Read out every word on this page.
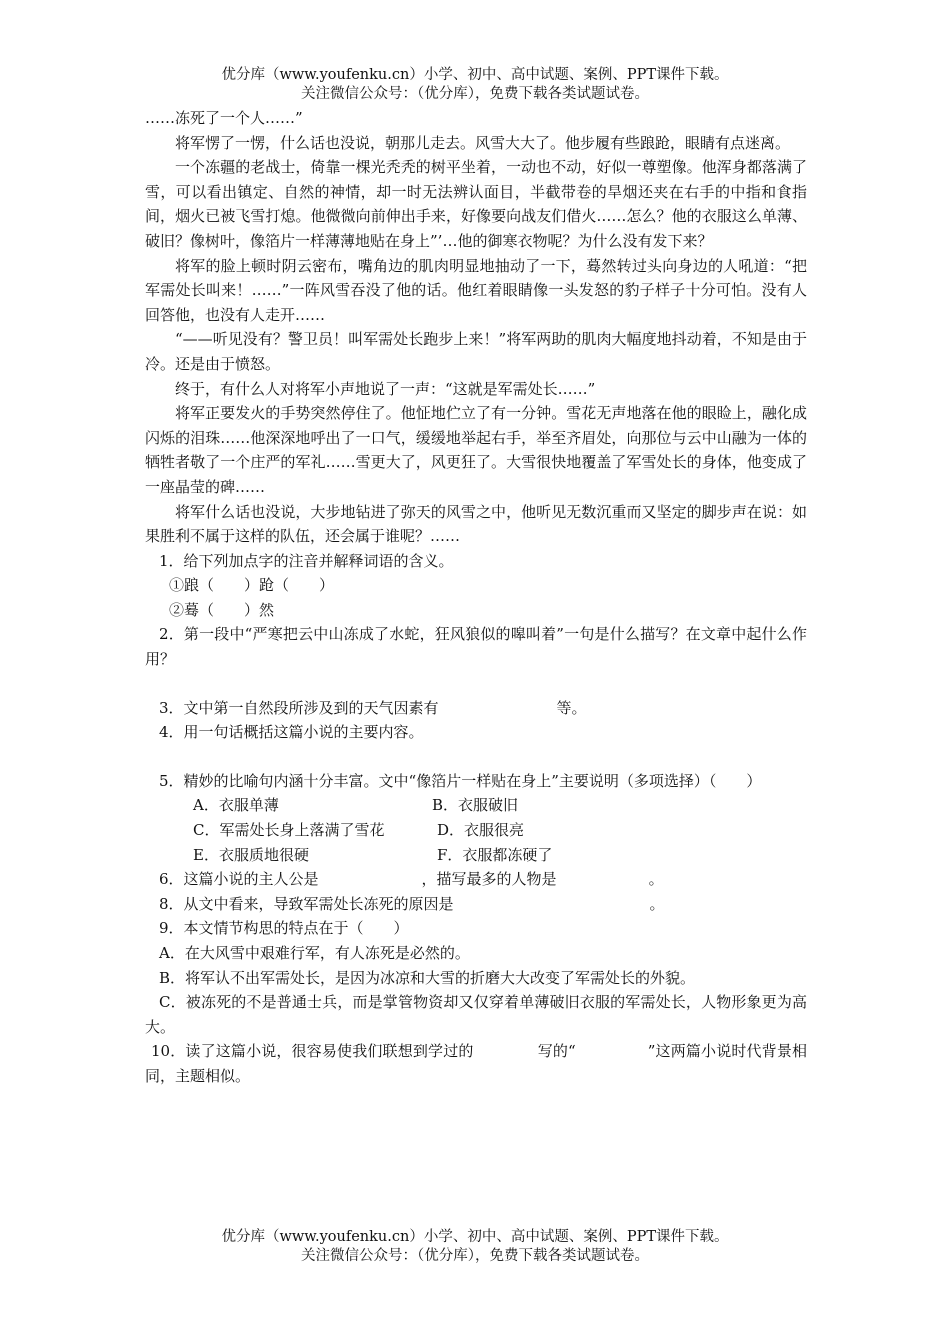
优分库（www.youfenku.cn）小学、初中、高中试题、案例、PPT课件下载。
关注微信公众号：（优分库），免费下载各类试题试卷。

……冻死了一个人……”

将军愣了一愣，什么话也没说，朝那儿走去。风雪大大了。他步履有些踉跄，眼睛有点迷离。

一个冻疆的老战士，倚靠一棵光秃秃的树平坐着，一动也不动，好似一尊塑像。他浑身都落满了雪，可以看出镇定、自然的神情，却一时无法辨认面目，半截带卷的旱烟还夹在右手的中指和食指间，烟火已被飞雪打熄。他微微向前伸出手来，好像要向战友们借火……怎么？他的衣服这么单薄、破旧？像树叶，像箔片一样薄薄地贴在身上”’…他的御寒衣物呢？为什么没有发下来？

将军的脸上顿时阴云密布，嘴角边的肌肉明显地抽动了一下，蓦然转过头向身边的人吼道：“把军需处长叫来！……”一阵风雪吞没了他的话。他红着眼睛像一头发怒的豹子样子十分可怕。没有人回答他，也没有人走开……

“——听见没有？警卫员！叫军需处长跑步上来！”将军两助的肌肉大幅度地抖动着，不知是由于冷。还是由于愤怒。

终于，有什么人对将军小声地说了一声：“这就是军需处长……”

将军正要发火的手势突然停住了。他怔地伫立了有一分钟。雪花无声地落在他的眼睑上，融化成闪烁的泪珠……他深深地呼出了一口气，缓缓地举起右手，举至齐眉处，向那位与云中山融为一体的牺牲者敬了一个庄严的军礼……雪更大了，风更狂了。大雪很快地覆盖了军雪处长的身体，他变成了一座晶莹的碑……

将军什么话也没说，大步地钻进了弥天的风雪之中，他听见无数沉重而又坚定的脚步声在说：如果胜利不属于这样的队伍，还会属于谁呢？……

1．给下列加点字的注音并解释词语的含义。

①踉（　　）跄（　　）

②蓦（　　）然

2．第一段中“严寒把云中山冻成了水蛇，狂风狼似的嗥叫着”一句是什么描写？在文章中起什么作用？

3．文中第一自然段所涉及到的天气因素有	等。

4．用一句话概括这篇小说的主要内容。

5．精妙的比喻句内涵十分丰富。文中“像箔片一样贴在身上”主要说明（多项选择）（　　）

A．衣服单薄	B．衣服破旧
C．军需处长身上落满了雪花	D．衣服很亮
E．衣服质地很硬	F．衣服都冻硬了

6．这篇小说的主人公是	，描写最多的人物是	。

8．从文中看来，导致军需处长冻死的原因是	。

9．本文情节构思的特点在于（　　）

A．在大风雪中艰难行军，有人冻死是必然的。

B．将军认不出军需处长，是因为冰凉和大雪的折磨大大改变了军需处长的外貌。

C．被冻死的不是普通士兵，而是掌管物资却又仅穿着单薄破旧衣服的军需处长，人物形象更为高大。

10．读了这篇小说，很容易使我们联想到学过的	写的“	”这两篇小说时代背景相同，主题相似。

优分库（www.youfenku.cn）小学、初中、高中试题、案例、PPT课件下载。
关注微信公众号：（优分库），免费下载各类试题试卷。
